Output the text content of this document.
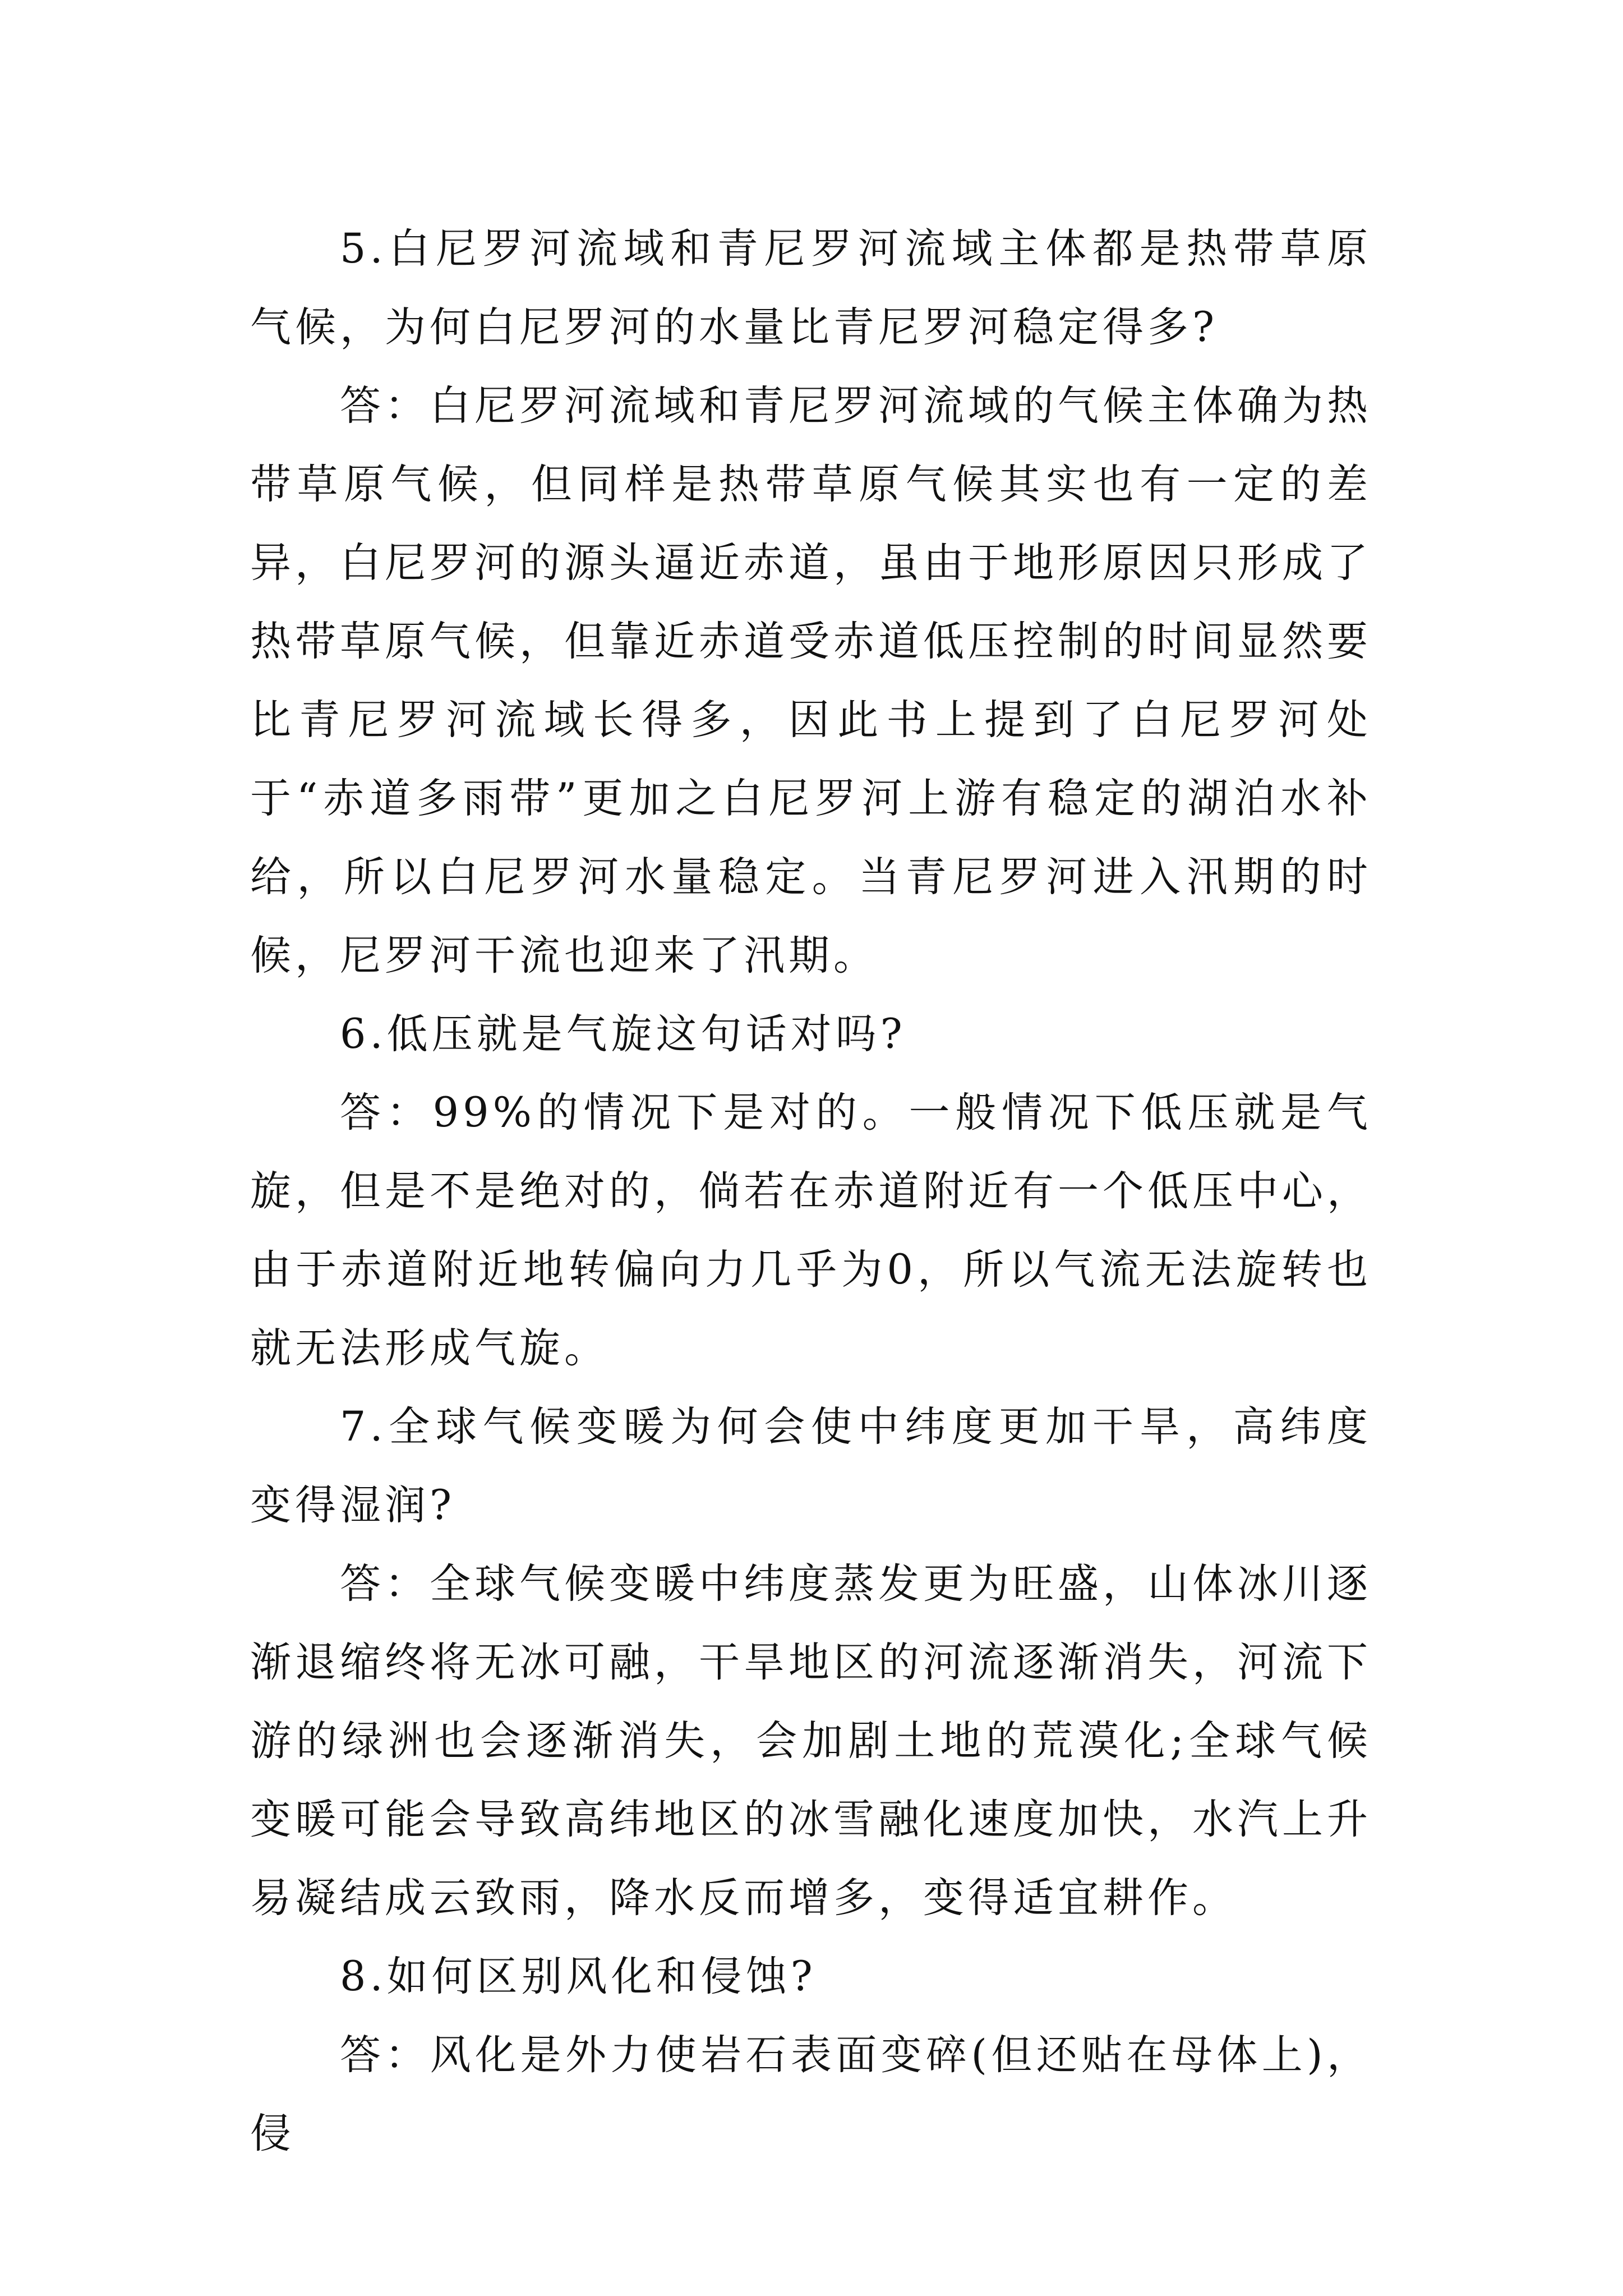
5.白尼罗河流域和青尼罗河流域主体都是热带草原气候，为何白尼罗河的水量比青尼罗河稳定得多?

答：白尼罗河流域和青尼罗河流域的气候主体确为热带草原气候，但同样是热带草原气候其实也有一定的差异，白尼罗河的源头逼近赤道，虽由于地形原因只形成了热带草原气候，但靠近赤道受赤道低压控制的时间显然要比青尼罗河流域长得多，因此书上提到了白尼罗河处于“赤道多雨带”更加之白尼罗河上游有稳定的湖泊水补给，所以白尼罗河水量稳定。当青尼罗河进入汛期的时候，尼罗河干流也迎来了汛期。

6.低压就是气旋这句话对吗?

答：99%的情况下是对的。一般情况下低压就是气旋，但是不是绝对的，倘若在赤道附近有一个低压中心，由于赤道附近地转偏向力几乎为0，所以气流无法旋转也就无法形成气旋。

7.全球气候变暖为何会使中纬度更加干旱，高纬度变得湿润?

答：全球气候变暖中纬度蒸发更为旺盛，山体冰川逐渐退缩终将无冰可融，干旱地区的河流逐渐消失，河流下游的绿洲也会逐渐消失，会加剧土地的荒漠化;全球气候变暖可能会导致高纬地区的冰雪融化速度加快，水汽上升易凝结成云致雨，降水反而增多，变得适宜耕作。

8.如何区别风化和侵蚀?

答：风化是外力使岩石表面变碎(但还贴在母体上)，侵
